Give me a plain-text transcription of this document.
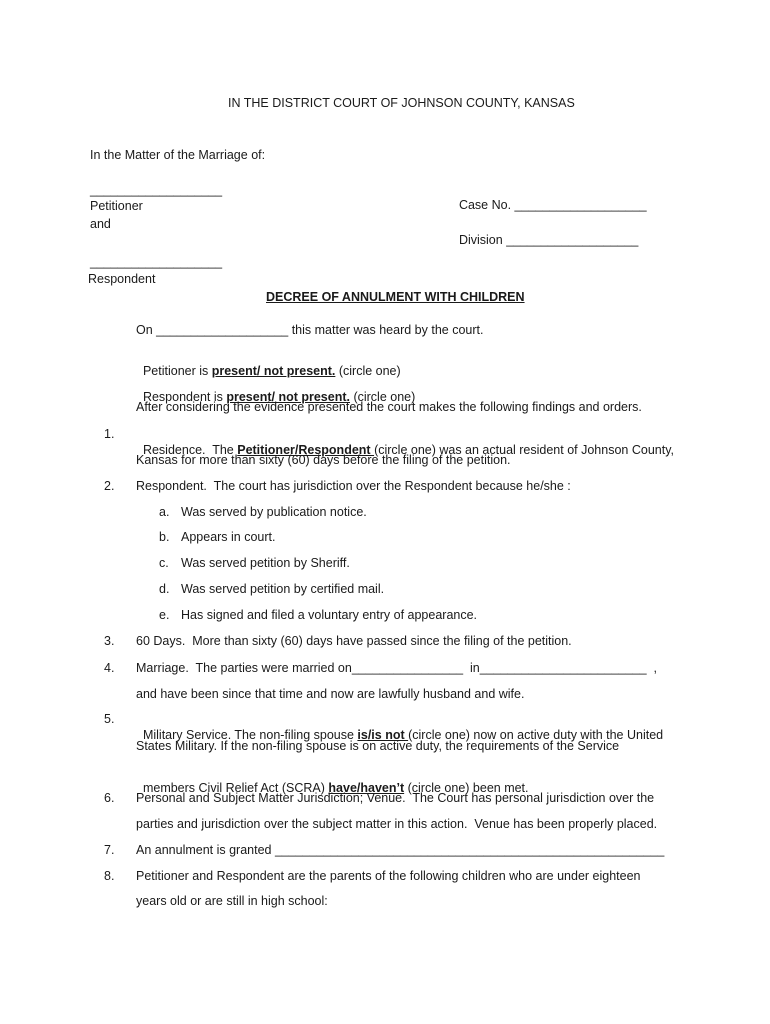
IN THE DISTRICT COURT OF JOHNSON COUNTY, KANSAS
In the Matter of the Marriage of:
___________________
Petitioner
and
___________________
Respondent

Case No. ___________________

Division ___________________

DECREE OF ANNULMENT WITH CHILDREN
On ___________________ this matter was heard by the court.

Petitioner is present/ not present. (circle one)

Respondent is present/ not present. (circle one)

After considering the evidence presented the court makes the following findings and orders.
1.

Residence.  The Petitioner/Respondent (circle one) was an actual resident of Johnson County,

Kansas for more than sixty (60) days before the filing of the petition.
2. Respondent.  The court has jurisdiction over the Respondent because he/she :
a. Was served by publication notice.
b. Appears in court.
c. Was served petition by Sheriff.
d. Was served petition by certified mail.
e. Has signed and filed a voluntary entry of appearance.
3. 60 Days.  More than sixty (60) days have passed since the filing of the petition.
4. Marriage.  The parties were married on________________  in________________________  ,
and have been since that time and now are lawfully husband and wife.
5.

Military Service. The non-filing spouse is/is not (circle one) now on active duty with the United

States Military. If the non-filing spouse is on active duty, the requirements of the Service

members Civil Relief Act (SCRA) have/haven’t (circle one) been met.

6. Personal and Subject Matter Jurisdiction; Venue.  The Court has personal jurisdiction over the
parties and jurisdiction over the subject matter in this action.  Venue has been properly placed.
7. An annulment is granted ________________________________________________________
8. Petitioner and Respondent are the parents of the following children who are under eighteen
years old or are still in high school:
